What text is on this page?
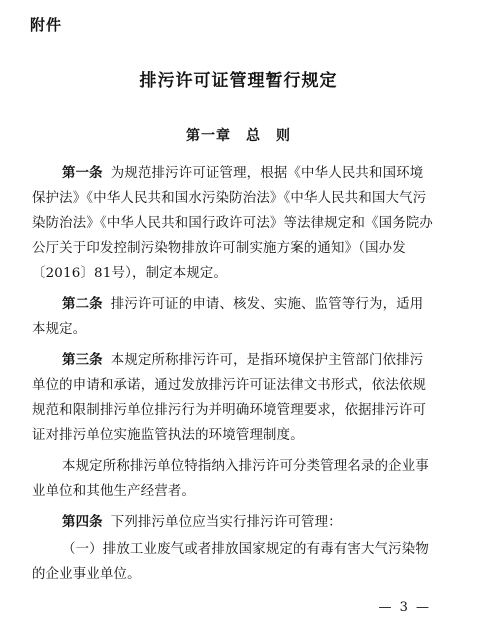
附件
排污许可证管理暂行规定
第一章　总　则
第一条 为规范排污许可证管理，根据《中华人民共和国环境
保护法》《中华人民共和国水污染防治法》《中华人民共和国大气污
染防治法》《中华人民共和国行政许可法》等法律规定和《国务院办
公厅关于印发控制污染物排放许可制实施方案的通知》（国办发
〔2016〕81号），制定本规定。
第二条 排污许可证的申请、核发、实施、监管等行为，适用
本规定。
第三条 本规定所称排污许可，是指环境保护主管部门依排污
单位的申请和承诺，通过发放排污许可证法律文书形式，依法依规
规范和限制排污单位排污行为并明确环境管理要求，依据排污许可
证对排污单位实施监管执法的环境管理制度。
本规定所称排污单位特指纳入排污许可分类管理名录的企业事
业单位和其他生产经营者。
第四条 下列排污单位应当实行排污许可管理：
（一）排放工业废气或者排放国家规定的有毒有害大气污染物
的企业事业单位。
— 3 —
